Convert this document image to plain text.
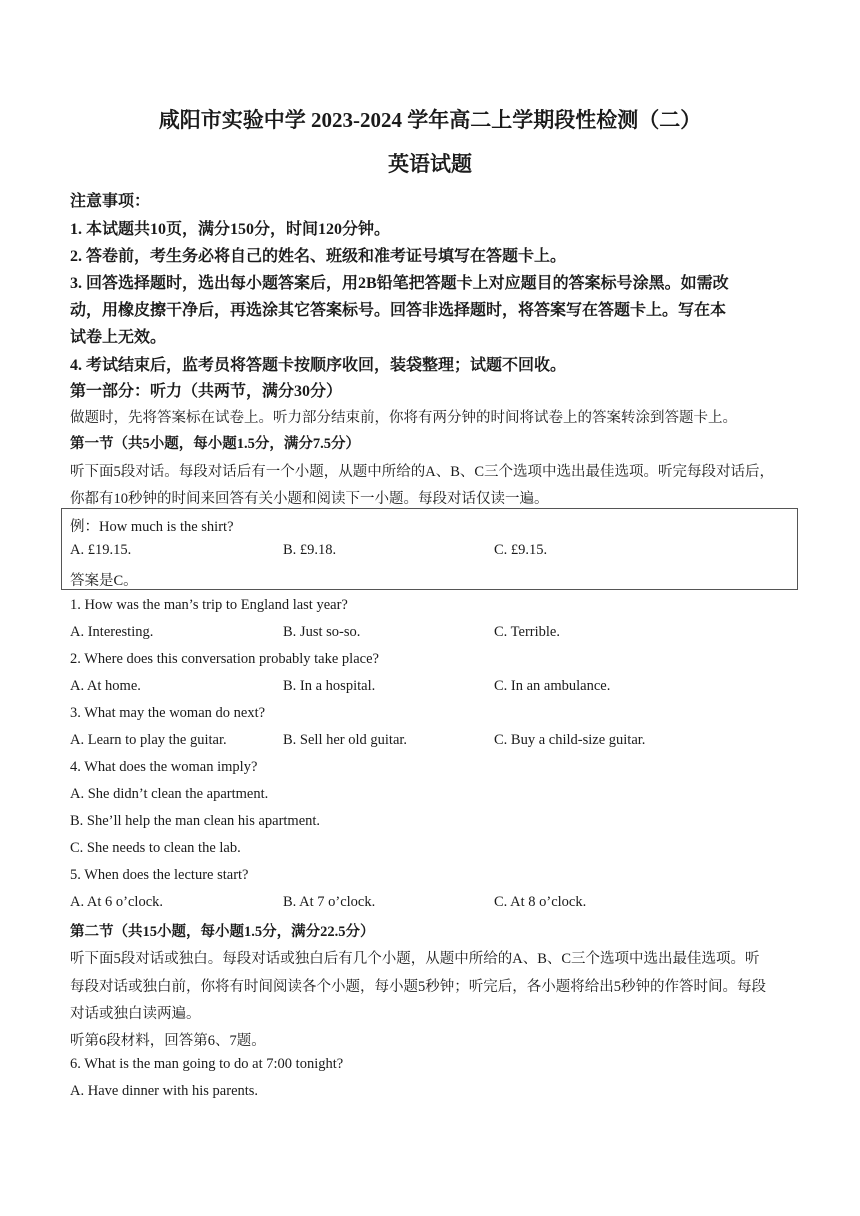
咸阳市实验中学 2023-2024 学年高二上学期段性检测（二）
英语试题
注意事项：
1. 本试题共10页，满分150分，时间120分钟。
2. 答卷前，考生务必将自己的姓名、班级和准考证号填写在答题卡上。
3. 回答选择题时，选出每小题答案后，用2B铅笔把答题卡上对应题目的答案标号涂黑。如需改
动，用橡皮擦干净后，再选涂其它答案标号。回答非选择题时，将答案写在答题卡上。写在本
试卷上无效。
4. 考试结束后，监考员将答题卡按顺序收回，装袋整理；试题不回收。
第一部分：听力（共两节，满分30分）
做题时，先将答案标在试卷上。听力部分结束前，你将有两分钟的时间将试卷上的答案转涂到答题卡上。
第一节（共5小题，每小题1.5分，满分7.5分）
听下面5段对话。每段对话后有一个小题，从题中所给的A、B、C三个选项中选出最佳选项。听完每段对话后，
你都有10秒钟的时间来回答有关小题和阅读下一小题。每段对话仅读一遍。
例：How much is the shirt?
A. £19.15.	B. £9.18.	C. £9.15.
答案是C。
1. How was the man’s trip to England last year?
A. Interesting.	B. Just so-so.	C. Terrible.
2. Where does this conversation probably take place?
A. At home.	B. In a hospital.	C. In an ambulance.
3. What may the woman do next?
A. Learn to play the guitar.	B. Sell her old guitar.	C. Buy a child-size guitar.
4. What does the woman imply?
A. She didn’t clean the apartment.
B. She’ll help the man clean his apartment.
C. She needs to clean the lab.
5. When does the lecture start?
A. At 6 o’clock.	B. At 7 o’clock.	C. At 8 o’clock.
第二节（共15小题，每小题1.5分，满分22.5分）
听下面5段对话或独白。每段对话或独白后有几个小题，从题中所给的A、B、C三个选项中选出最佳选项。听
每段对话或独白前，你将有时间阅读各个小题，每小题5秒钟；听完后，各小题将给出5秒钟的作答时间。每段
对话或独白读两遍。
听第6段材料，回答第6、7题。
6. What is the man going to do at 7:00 tonight?
A. Have dinner with his parents.
